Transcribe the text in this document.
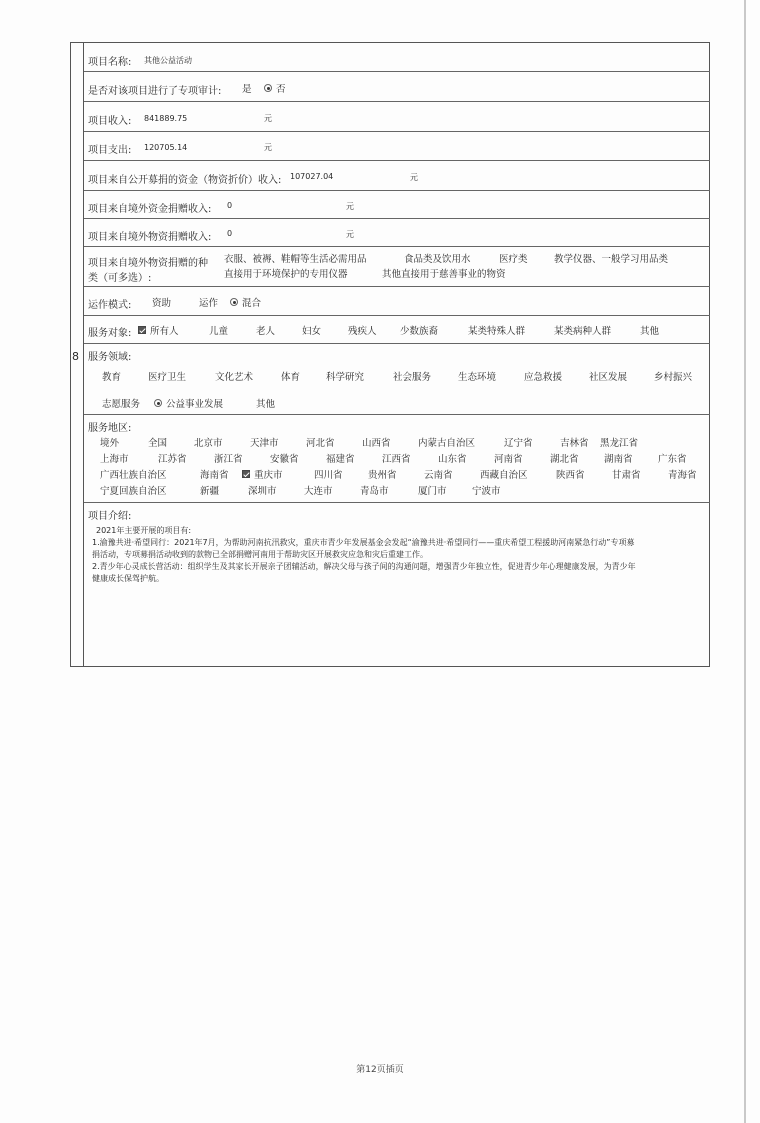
8
项目名称: 其他公益活动
是否对该项目进行了专项审计: 是	否
项目收入: 841889.75	元
项目支出: 120705.14	元
项目来自公开募捐的资金（物资折价）收入: 107027.04	元
项目来自境外资金捐赠收入: 0	元
项目来自境外物资捐赠收入: 0	元
项目来自境外物资捐赠的种
类（可多选）:
衣服、被褥、鞋帽等生活必需用品	食品类及饮用水	医疗类	教学仪器、一般学习用品类
直接用于环境保护的专用仪器	其他直接用于慈善事业的物资
运作模式: 资助	运作	混合
服务对象: 所有人	儿童	老人	妇女	残疾人 少数族裔	某类特殊人群	某类病种人群	其他
服务领域:
教育	医疗卫生	文化艺术	体育	科学研究	社会服务	生态环境	应急救援	社区发展	乡村振兴
志愿服务	公益事业发展	其他
服务地区:
境外	全国	北京市	天津市	河北省	山西省	内蒙古自治区	辽宁省	吉林省 黑龙江省
上海市	江苏省	浙江省	安徽省	福建省	江西省	山东省	河南省	湖北省	湖南省	广东省
广西壮族自治区	海南省	重庆市	四川省	贵州省	云南省	西藏自治区	陕西省	甘肃省	青海省
宁夏回族自治区	新疆	深圳市	大连市	青岛市	厦门市	宁波市
项目介绍:

2021年主要开展的项目有:

1.渝豫共进·希望同行：2021年7月，为帮助河南抗汛救灾，重庆市青少年发展基金会发起“渝豫共进·希望同行——重庆希望工程援助河南紧急行动”专项募

捐活动，专项募捐活动收到的款物已全部捐赠河南用于帮助灾区开展救灾应急和灾后重建工作。

2.青少年心灵成长营活动：组织学生及其家长开展亲子团辅活动，解决父母与孩子间的沟通问题，增强青少年独立性，促进青少年心理健康发展，为青少年

健康成长保驾护航。

第12页插页
